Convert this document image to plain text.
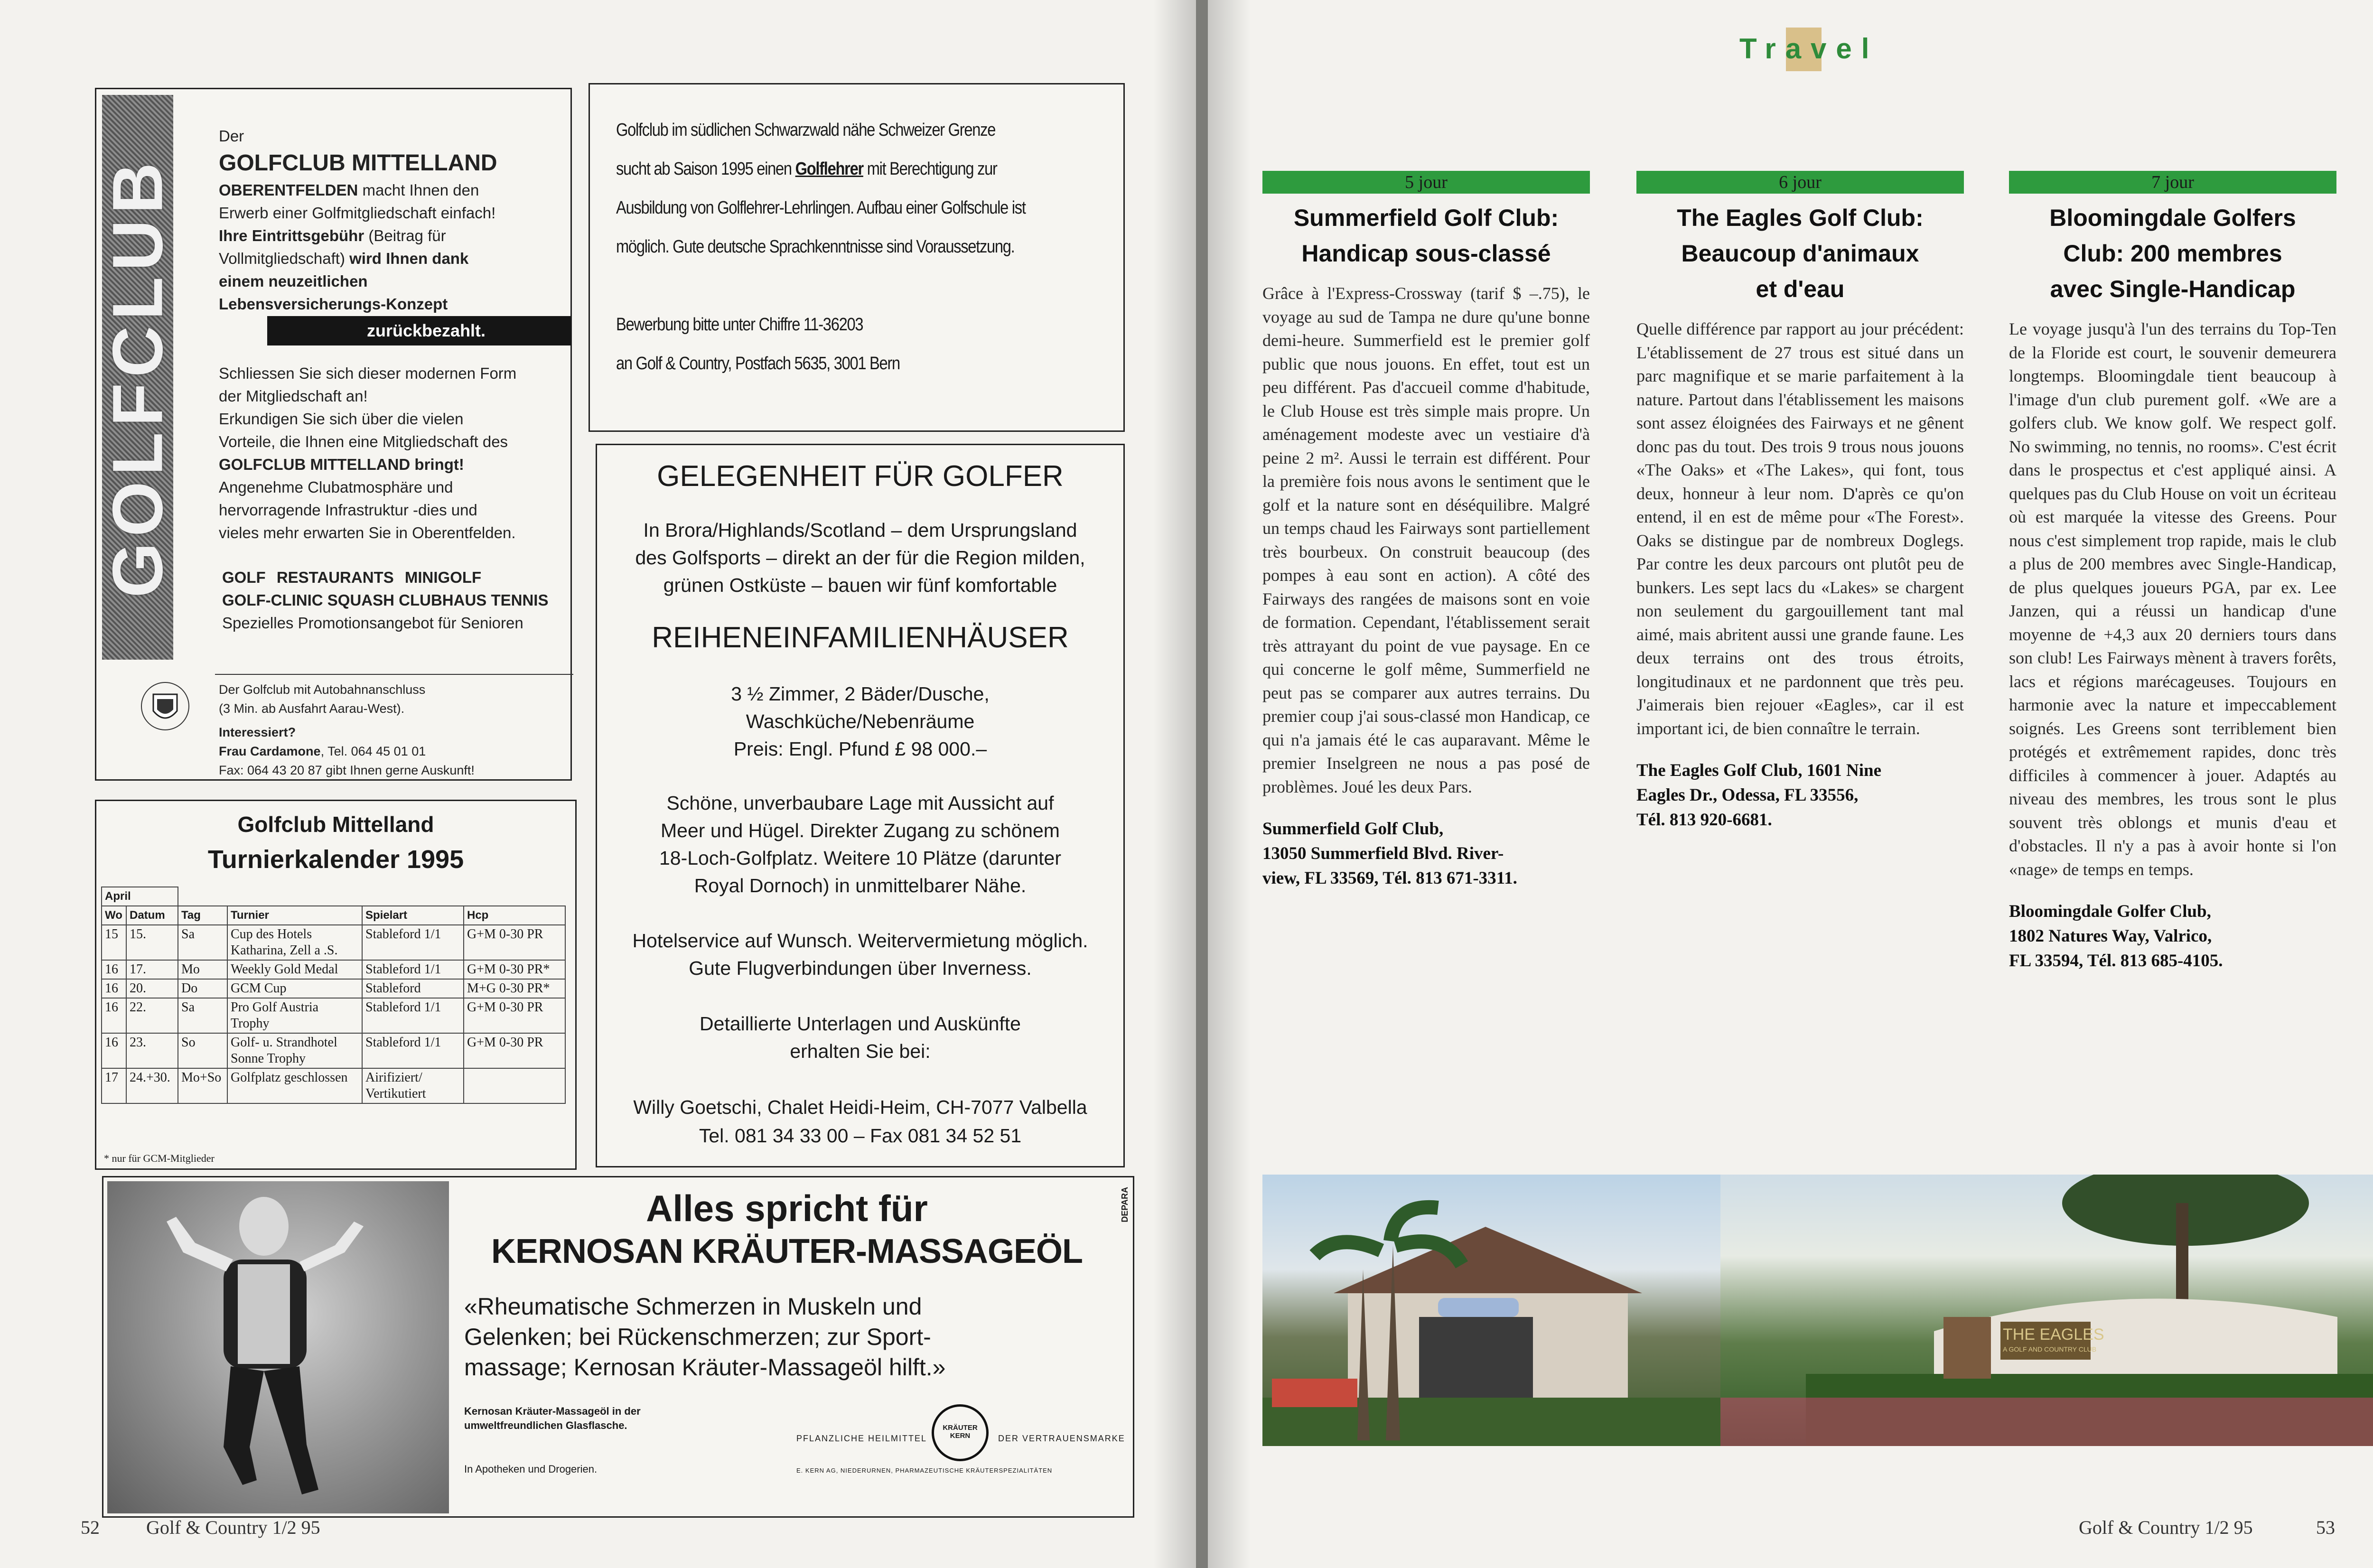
GOLFCLUB
Der
GOLFCLUB MITTELLAND
OBERENTFELDEN macht Ihnen den
Erwerb einer Golfmitgliedschaft einfach!
Ihre Eintrittsgebühr (Beitrag für
Vollmitgliedschaft) wird Ihnen dank
einem neuzeitlichen
Lebensversicherungs-Konzept
zurückbezahlt.
Schliessen Sie sich dieser modernen Form
der Mitgliedschaft an!
Erkundigen Sie sich über die vielen
Vorteile, die Ihnen eine Mitgliedschaft des
GOLFCLUB MITTELLAND bringt!
Angenehme Clubatmosphäre und
hervorragende Infrastruktur -dies und
vieles mehr erwarten Sie in Oberentfelden.
GOLF RESTAURANTS MINIGOLF
GOLF-CLINIC SQUASH CLUBHAUS TENNIS
Spezielles Promotionsangebot für Senioren
Der Golfclub mit Autobahnanschluss
(3 Min. ab Ausfahrt Aarau-West).
Interessiert?
Frau Cardamone, Tel. 064 45 01 01
Fax: 064 43 20 87 gibt Ihnen gerne Auskunft!
Golfclub Mittelland
Turnierkalender 1995
April					
Wo	Datum	Tag	Turnier	Spielart	Hcp
15	15.	Sa	Cup des Hotels Katharina, Zell a .S.	Stableford 1/1	G+M 0-30 PR
16	17.	Mo	Weekly Gold Medal	Stableford 1/1	G+M 0-30 PR*
16	20.	Do	GCM Cup	Stableford	M+G 0-30 PR*
16	22.	Sa	Pro Golf Austria Trophy	Stableford 1/1	G+M 0-30 PR
16	23.	So	Golf- u. Strandhotel Sonne Trophy	Stableford 1/1	G+M 0-30 PR
17	24.+30.	Mo+So	Golfplatz geschlossen	Airifiziert/ Vertikutiert	
* nur für GCM-Mitglieder

Golfclub im südlichen Schwarzwald nähe Schweizer Grenze

sucht ab Saison 1995 einen Golflehrer mit Berechtigung zur

Ausbildung von Golflehrer-Lehrlingen. Aufbau einer Golfschule ist

möglich. Gute deutsche Sprachkenntnisse sind Voraussetzung.

Bewerbung bitte unter Chiffre 11-36203

an Golf & Country, Postfach 5635, 3001 Bern

GELEGENHEIT FÜR GOLFER
In Brora/Highlands/Scotland – dem Ursprungsland
des Golfsports – direkt an der für die Region milden,
grünen Ostküste – bauen wir fünf komfortable
REIHENEINFAMILIENHÄUSER
3 ½ Zimmer, 2 Bäder/Dusche,
Waschküche/Nebenräume
Preis: Engl. Pfund £ 98 000.–
Schöne, unverbaubare Lage mit Aussicht auf
Meer und Hügel. Direkter Zugang zu schönem
18-Loch-Golfplatz. Weitere 10 Plätze (darunter
Royal Dornoch) in unmittelbarer Nähe.
Hotelservice auf Wunsch. Weitervermietung möglich.
Gute Flugverbindungen über Inverness.
Detaillierte Unterlagen und Auskünfte
erhalten Sie bei:
Willy Goetschi, Chalet Heidi-Heim, CH-7077 Valbella
Tel. 081 34 33 00 – Fax 081 34 52 51
Alles spricht für
KERNOSAN KRÄUTER-MASSAGEÖL
«Rheumatische Schmerzen in Muskeln und
Gelenken; bei Rückenschmerzen; zur Sport-
massage; Kernosan Kräuter-Massageöl hilft.»
Kernosan Kräuter-Massageöl in der
umweltfreundlichen Glasflasche.
In Apotheken und Drogerien.
PFLANZLICHE HEILMITTEL
KRÄUTER KERN	DER VERTRAUENSMARKE
E. KERN AG, NIEDERURNEN, PHARMAZEUTISCHE KRÄUTERSPEZIALITÄTEN
DEPARA
52 Golf & Country 1/2 95
Travel
5 jour
Summerfield Golf Club:
Handicap sous-classé
Grâce à l'Express-Crossway (tarif $ –.75), le voyage au sud de Tampa ne dure qu'une bonne demi-heure. Summerfield est le premier golf public que nous jouons. En effet, tout est un peu différent. Pas d'accueil comme d'habitude, le Club House est très simple mais propre. Un aménagement modeste avec un vestiaire d'à peine 2 m². Aussi le terrain est différent. Pour la première fois nous avons le sentiment que le golf et la nature sont en déséquilibre. Malgré un temps chaud les Fairways sont partiellement très bourbeux. On construit beaucoup (des pompes à eau sont en action). A côté des Fairways des rangées de maisons sont en voie de formation. Cependant, l'établissement serait très attrayant du point de vue paysage. En ce qui concerne le golf même, Summerfield ne peut pas se comparer aux autres terrains. Du premier coup j'ai sous-classé mon Handicap, ce qui n'a jamais été le cas auparavant. Même le premier Inselgreen ne nous a pas posé de problèmes. Joué les deux Pars.
Summerfield Golf Club,
13050 Summerfield Blvd. River-
view, FL 33569, Tél. 813 671-3311.
6 jour
The Eagles Golf Club:
Beaucoup d'animaux
et d'eau
Quelle différence par rapport au jour précédent: L'établissement de 27 trous est situé dans un parc magnifique et se marie parfaitement à la nature. Partout dans l'établissement les maisons sont assez éloignées des Fairways et ne gênent donc pas du tout. Des trois 9 trous nous jouons «The Oaks» et «The Lakes», qui font, tous deux, honneur à leur nom. D'après ce qu'on entend, il en est de même pour «The Forest». Oaks se distingue par de nombreux Doglegs. Par contre les deux parcours ont plutôt peu de bunkers. Les sept lacs du «Lakes» se chargent non seulement du gargouillement tant mal aimé, mais abritent aussi une grande faune. Les deux terrains ont des trous étroits, longitudinaux et ne pardonnent que très peu. J'aimerais bien rejouer «Eagles», car il est important ici, de bien connaître le terrain.
The Eagles Golf Club, 1601 Nine
Eagles Dr., Odessa, FL 33556,
Tél. 813 920-6681.
7 jour
Bloomingdale Golfers
Club: 200 membres
avec Single-Handicap
Le voyage jusqu'à l'un des terrains du Top-Ten de la Floride est court, le souvenir demeurera longtemps. Bloomingdale tient beaucoup à l'image d'un club purement golf. «We are a golfers club. We know golf. We respect golf. No swimming, no tennis, no rooms». C'est écrit dans le prospectus et c'est appliqué ainsi. A quelques pas du Club House on voit un écriteau où est marquée la vitesse des Greens. Pour nous c'est simplement trop rapide, mais le club a plus de 200 membres avec Single-Handicap, de plus quelques joueurs PGA, par ex. Lee Janzen, qui a réussi un handicap d'une moyenne de +4,3 aux 20 derniers tours dans son club! Les Fairways mènent à travers forêts, lacs et régions marécageuses. Toujours en harmonie avec la nature et impeccablement soignés. Les Greens sont terriblement bien protégés et extrêmement rapides, donc très difficiles à commencer à jouer. Adaptés au niveau des membres, les trous sont le plus souvent très oblongs et munis d'eau et d'obstacles. Il n'y a pas à avoir honte si l'on «nage» de temps en temps.
Bloomingdale Golfer Club,
1802 Natures Way, Valrico,
FL 33594, Tél. 813 685-4105.
THE EAGLES
A GOLF AND COUNTRY CLUB
Golf & Country 1/2 95	53
